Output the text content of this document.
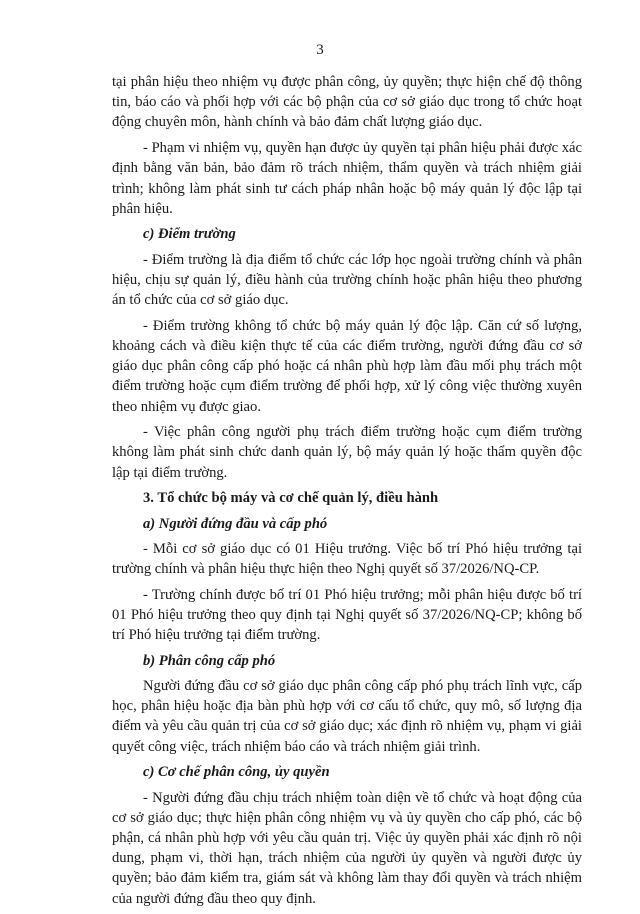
3

tại phân hiệu theo nhiệm vụ được phân công, ủy quyền; thực hiện chế độ thông tin, báo cáo và phối hợp với các bộ phận của cơ sở giáo dục trong tổ chức hoạt động chuyên môn, hành chính và bảo đảm chất lượng giáo dục.

- Phạm vi nhiệm vụ, quyền hạn được ủy quyền tại phân hiệu phải được xác định bằng văn bản, bảo đảm rõ trách nhiệm, thẩm quyền và trách nhiệm giải trình; không làm phát sinh tư cách pháp nhân hoặc bộ máy quản lý độc lập tại phân hiệu.

c) Điểm trường

- Điểm trường là địa điểm tổ chức các lớp học ngoài trường chính và phân hiệu, chịu sự quản lý, điều hành của trường chính hoặc phân hiệu theo phương án tổ chức của cơ sở giáo dục.

- Điểm trường không tổ chức bộ máy quản lý độc lập. Căn cứ số lượng, khoảng cách và điều kiện thực tế của các điểm trường, người đứng đầu cơ sở giáo dục phân công cấp phó hoặc cá nhân phù hợp làm đầu mối phụ trách một điểm trường hoặc cụm điểm trường để phối hợp, xử lý công việc thường xuyên theo nhiệm vụ được giao.

- Việc phân công người phụ trách điểm trường hoặc cụm điểm trường không làm phát sinh chức danh quản lý, bộ máy quản lý hoặc thẩm quyền độc lập tại điểm trường.

3. Tổ chức bộ máy và cơ chế quản lý, điều hành
a) Người đứng đầu và cấp phó

- Mỗi cơ sở giáo dục có 01 Hiệu trưởng. Việc bố trí Phó hiệu trưởng tại trường chính và phân hiệu thực hiện theo Nghị quyết số 37/2026/NQ-CP.

- Trường chính được bố trí 01 Phó hiệu trưởng; mỗi phân hiệu được bố trí 01 Phó hiệu trưởng theo quy định tại Nghị quyết số 37/2026/NQ-CP; không bố trí Phó hiệu trưởng tại điểm trường.

b) Phân công cấp phó

Người đứng đầu cơ sở giáo dục phân công cấp phó phụ trách lĩnh vực, cấp học, phân hiệu hoặc địa bàn phù hợp với cơ cấu tổ chức, quy mô, số lượng địa điểm và yêu cầu quản trị của cơ sở giáo dục; xác định rõ nhiệm vụ, phạm vi giải quyết công việc, trách nhiệm báo cáo và trách nhiệm giải trình.

c) Cơ chế phân công, ủy quyền

- Người đứng đầu chịu trách nhiệm toàn diện về tổ chức và hoạt động của cơ sở giáo dục; thực hiện phân công nhiệm vụ và ủy quyền cho cấp phó, các bộ phận, cá nhân phù hợp với yêu cầu quản trị. Việc ủy quyền phải xác định rõ nội dung, phạm vi, thời hạn, trách nhiệm của người ủy quyền và người được ủy quyền; bảo đảm kiểm tra, giám sát và không làm thay đổi quyền và trách nhiệm của người đứng đầu theo quy định.
